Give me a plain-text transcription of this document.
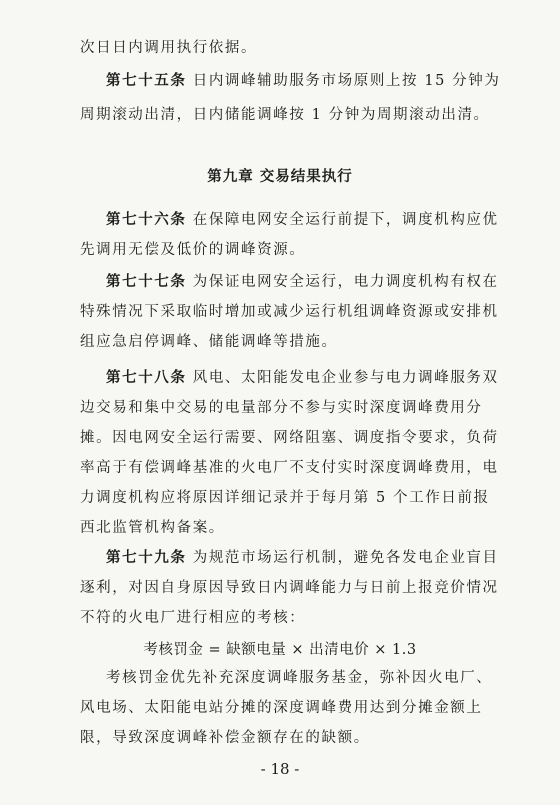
次日日内调用执行依据。
第七十五条 日内调峰辅助服务市场原则上按 15 分钟为
周期滚动出清，日内储能调峰按 1 分钟为周期滚动出清。
第九章 交易结果执行
第七十六条 在保障电网安全运行前提下，调度机构应优
先调用无偿及低价的调峰资源。
第七十七条 为保证电网安全运行，电力调度机构有权在
特殊情况下采取临时增加或减少运行机组调峰资源或安排机
组应急启停调峰、储能调峰等措施。
第七十八条 风电、太阳能发电企业参与电力调峰服务双
边交易和集中交易的电量部分不参与实时深度调峰费用分
摊。因电网安全运行需要、网络阻塞、调度指令要求，负荷
率高于有偿调峰基准的火电厂不支付实时深度调峰费用，电
力调度机构应将原因详细记录并于每月第 5 个工作日前报
西北监管机构备案。
第七十九条 为规范市场运行机制，避免各发电企业盲目
逐利，对因自身原因导致日内调峰能力与日前上报竞价情况
不符的火电厂进行相应的考核：
考核罚金 = 缺额电量 × 出清电价 × 1.3
考核罚金优先补充深度调峰服务基金，弥补因火电厂、
- 18 -
风电场、太阳能电站分摊的深度调峰费用达到分摊金额上
限，导致深度调峰补偿金额存在的缺额。
